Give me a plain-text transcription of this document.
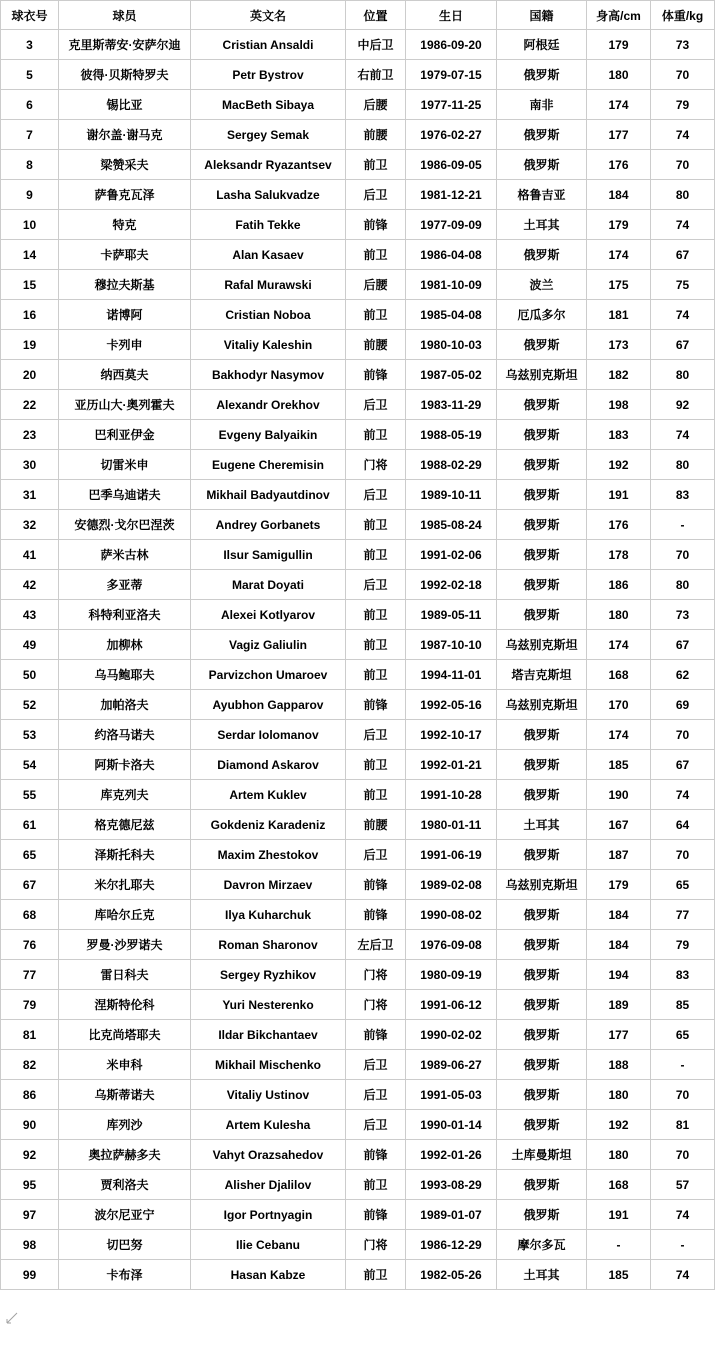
球衣号	球员	英文名	位置	生日	国籍	身高/cm	体重/kg
3	克里斯蒂安·安萨尔迪	Cristian Ansaldi	中后卫	1986-09-20	阿根廷	179	73
5	彼得·贝斯特罗夫	Petr Bystrov	右前卫	1979-07-15	俄罗斯	180	70
6	锡比亚	MacBeth Sibaya	后腰	1977-11-25	南非	174	79
7	谢尔盖·谢马克	Sergey Semak	前腰	1976-02-27	俄罗斯	177	74
8	梁赞采夫	Aleksandr Ryazantsev	前卫	1986-09-05	俄罗斯	176	70
9	萨鲁克瓦泽	Lasha Salukvadze	后卫	1981-12-21	格鲁吉亚	184	80
10	特克	Fatih Tekke	前锋	1977-09-09	土耳其	179	74
14	卡萨耶夫	Alan Kasaev	前卫	1986-04-08	俄罗斯	174	67
15	穆拉夫斯基	Rafal Murawski	后腰	1981-10-09	波兰	175	75
16	诺博阿	Cristian Noboa	前卫	1985-04-08	厄瓜多尔	181	74
19	卡列申	Vitaliy Kaleshin	前腰	1980-10-03	俄罗斯	173	67
20	纳西莫夫	Bakhodyr Nasymov	前锋	1987-05-02	乌兹别克斯坦	182	80
22	亚历山大·奥列霍夫	Alexandr Orekhov	后卫	1983-11-29	俄罗斯	198	92
23	巴利亚伊金	Evgeny Balyaikin	前卫	1988-05-19	俄罗斯	183	74
30	切雷米申	Eugene Cheremisin	门将	1988-02-29	俄罗斯	192	80
31	巴季乌迪诺夫	Mikhail Badyautdinov	后卫	1989-10-11	俄罗斯	191	83
32	安德烈·戈尔巴涅茨	Andrey Gorbanets	前卫	1985-08-24	俄罗斯	176	-
41	萨米古林	Ilsur Samigullin	前卫	1991-02-06	俄罗斯	178	70
42	多亚蒂	Marat Doyati	后卫	1992-02-18	俄罗斯	186	80
43	科特利亚洛夫	Alexei Kotlyarov	前卫	1989-05-11	俄罗斯	180	73
49	加柳林	Vagiz Galiulin	前卫	1987-10-10	乌兹别克斯坦	174	67
50	乌马鲍耶夫	Parvizchon Umaroev	前卫	1994-11-01	塔吉克斯坦	168	62
52	加帕洛夫	Ayubhon Gapparov	前锋	1992-05-16	乌兹别克斯坦	170	69
53	约洛马诺夫	Serdar Iolomanov	后卫	1992-10-17	俄罗斯	174	70
54	阿斯卡洛夫	Diamond Askarov	前卫	1992-01-21	俄罗斯	185	67
55	库克列夫	Artem Kuklev	前卫	1991-10-28	俄罗斯	190	74
61	格克德尼兹	Gokdeniz Karadeniz	前腰	1980-01-11	土耳其	167	64
65	泽斯托科夫	Maxim Zhestokov	后卫	1991-06-19	俄罗斯	187	70
67	米尔扎耶夫	Davron Mirzaev	前锋	1989-02-08	乌兹别克斯坦	179	65
68	库哈尔丘克	Ilya Kuharchuk	前锋	1990-08-02	俄罗斯	184	77
76	罗曼·沙罗诺夫	Roman Sharonov	左后卫	1976-09-08	俄罗斯	184	79
77	雷日科夫	Sergey Ryzhikov	门将	1980-09-19	俄罗斯	194	83
79	涅斯特伦科	Yuri Nesterenko	门将	1991-06-12	俄罗斯	189	85
81	比克尚塔耶夫	Ildar Bikchantaev	前锋	1990-02-02	俄罗斯	177	65
82	米申科	Mikhail Mischenko	后卫	1989-06-27	俄罗斯	188	-
86	乌斯蒂诺夫	Vitaliy Ustinov	后卫	1991-05-03	俄罗斯	180	70
90	库列沙	Artem Kulesha	后卫	1990-01-14	俄罗斯	192	81
92	奥拉萨赫多夫	Vahyt Orazsahedov	前锋	1992-01-26	土库曼斯坦	180	70
95	贾利洛夫	Alisher Djalilov	前卫	1993-08-29	俄罗斯	168	57
97	波尔尼亚宁	Igor Portnyagin	前锋	1989-01-07	俄罗斯	191	74
98	切巴努	Ilie Cebanu	门将	1986-12-29	摩尔多瓦	-	-
99	卡布泽	Hasan Kabze	前卫	1982-05-26	土耳其	185	74
